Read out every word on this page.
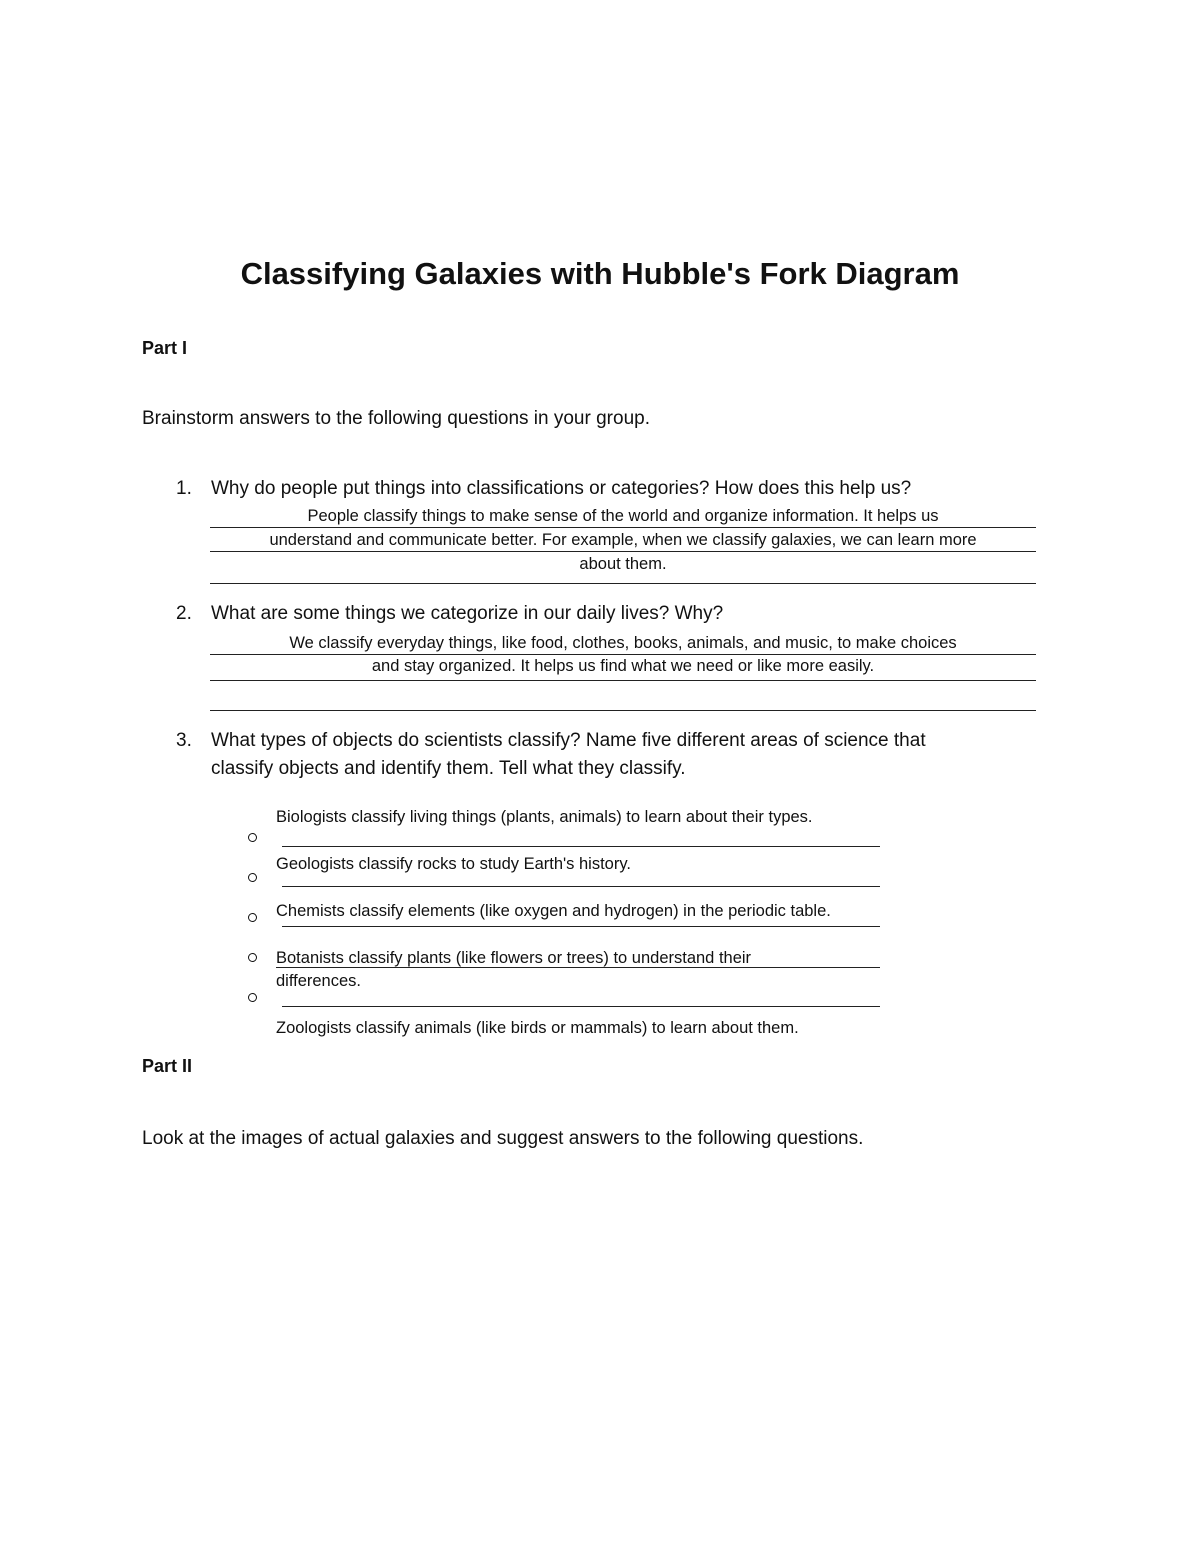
Classifying Galaxies with Hubble's Fork Diagram
Part I
Brainstorm answers to the following questions in your group.
1. Why do people put things into classifications or categories? How does this help us?
People classify things to make sense of the world and organize information. It helps us
understand and communicate better. For example, when we classify galaxies, we can learn more
about them.
2. What are some things we categorize in our daily lives? Why?
We classify everyday things, like food, clothes, books, animals, and music, to make choices
and stay organized. It helps us find what we need or like more easily.
3. What types of objects do scientists classify? Name five different areas of science that
classify objects and identify them. Tell what they classify.
Biologists classify living things (plants, animals) to learn about their types.
Geologists classify rocks to study Earth's history.
Chemists classify elements (like oxygen and hydrogen) in the periodic table.
Botanists classify plants (like flowers or trees) to understand their
differences.
Zoologists classify animals (like birds or mammals) to learn about them.
Part II
Look at the images of actual galaxies and suggest answers to the following questions.
